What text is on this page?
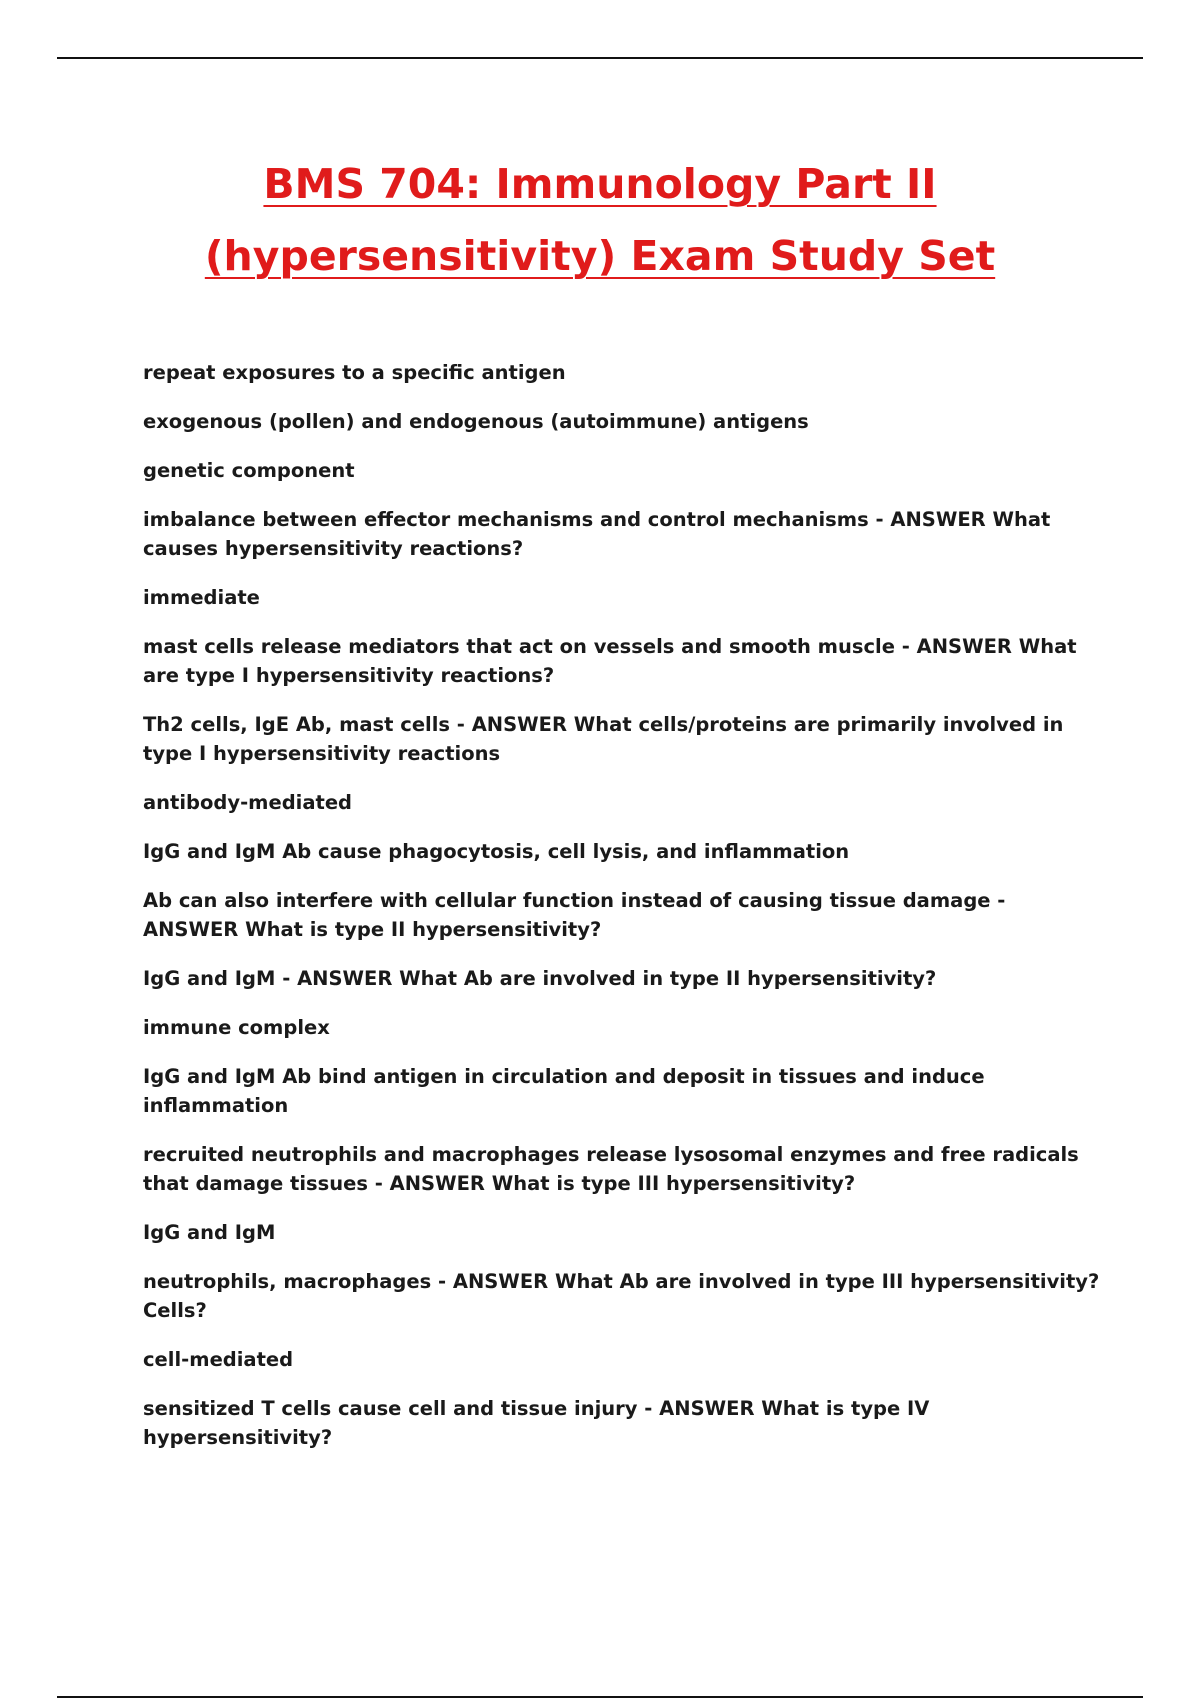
BMS 704: Immunology Part II
(hypersensitivity) Exam Study Set
repeat exposures to a specific antigen
exogenous (pollen) and endogenous (autoimmune) antigens
genetic component
imbalance between effector mechanisms and control mechanisms - ANSWER What causes hypersensitivity reactions?
immediate
mast cells release mediators that act on vessels and smooth muscle - ANSWER What are type I hypersensitivity reactions?
Th2 cells, IgE Ab, mast cells - ANSWER What cells/proteins are primarily involved in type I hypersensitivity reactions
antibody-mediated
IgG and IgM Ab cause phagocytosis, cell lysis, and inflammation
Ab can also interfere with cellular function instead of causing tissue damage - ANSWER What is type II hypersensitivity?
IgG and IgM - ANSWER What Ab are involved in type II hypersensitivity?
immune complex
IgG and IgM Ab bind antigen in circulation and deposit in tissues and induce inflammation
recruited neutrophils and macrophages release lysosomal enzymes and free radicals that damage tissues - ANSWER What is type III hypersensitivity?
IgG and IgM
neutrophils, macrophages - ANSWER What Ab are involved in type III hypersensitivity? Cells?
cell-mediated
sensitized T cells cause cell and tissue injury - ANSWER What is type IV hypersensitivity?
